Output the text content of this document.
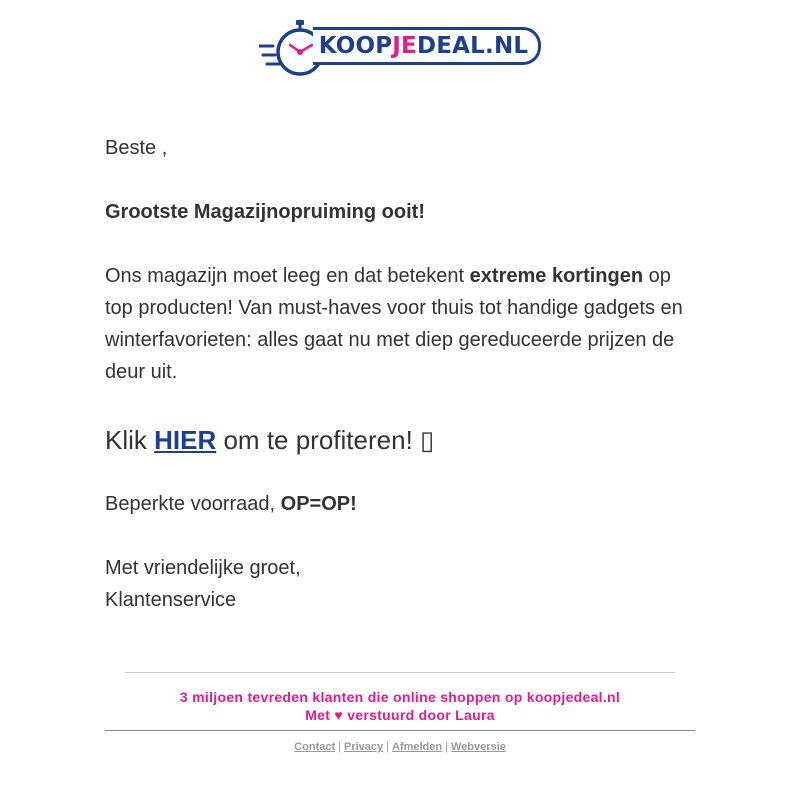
KOOPJEDEAL.NL

Beste ,

Grootste Magazijnopruiming ooit!

Ons magazijn moet leeg en dat betekent extreme kortingen op top producten! Van must-haves voor thuis tot handige gadgets en winterfavorieten: alles gaat nu met diep gereduceerde prijzen de deur uit.

Klik HIER om te profiteren! ▯

Beperkte voorraad, OP=OP!

Met vriendelijke groet,

Klantenservice

3 miljoen tevreden klanten die online shoppen op koopjedeal.nl
Met ♥ verstuurd door Laura
Contact | Privacy | Afmelden | Webversie
